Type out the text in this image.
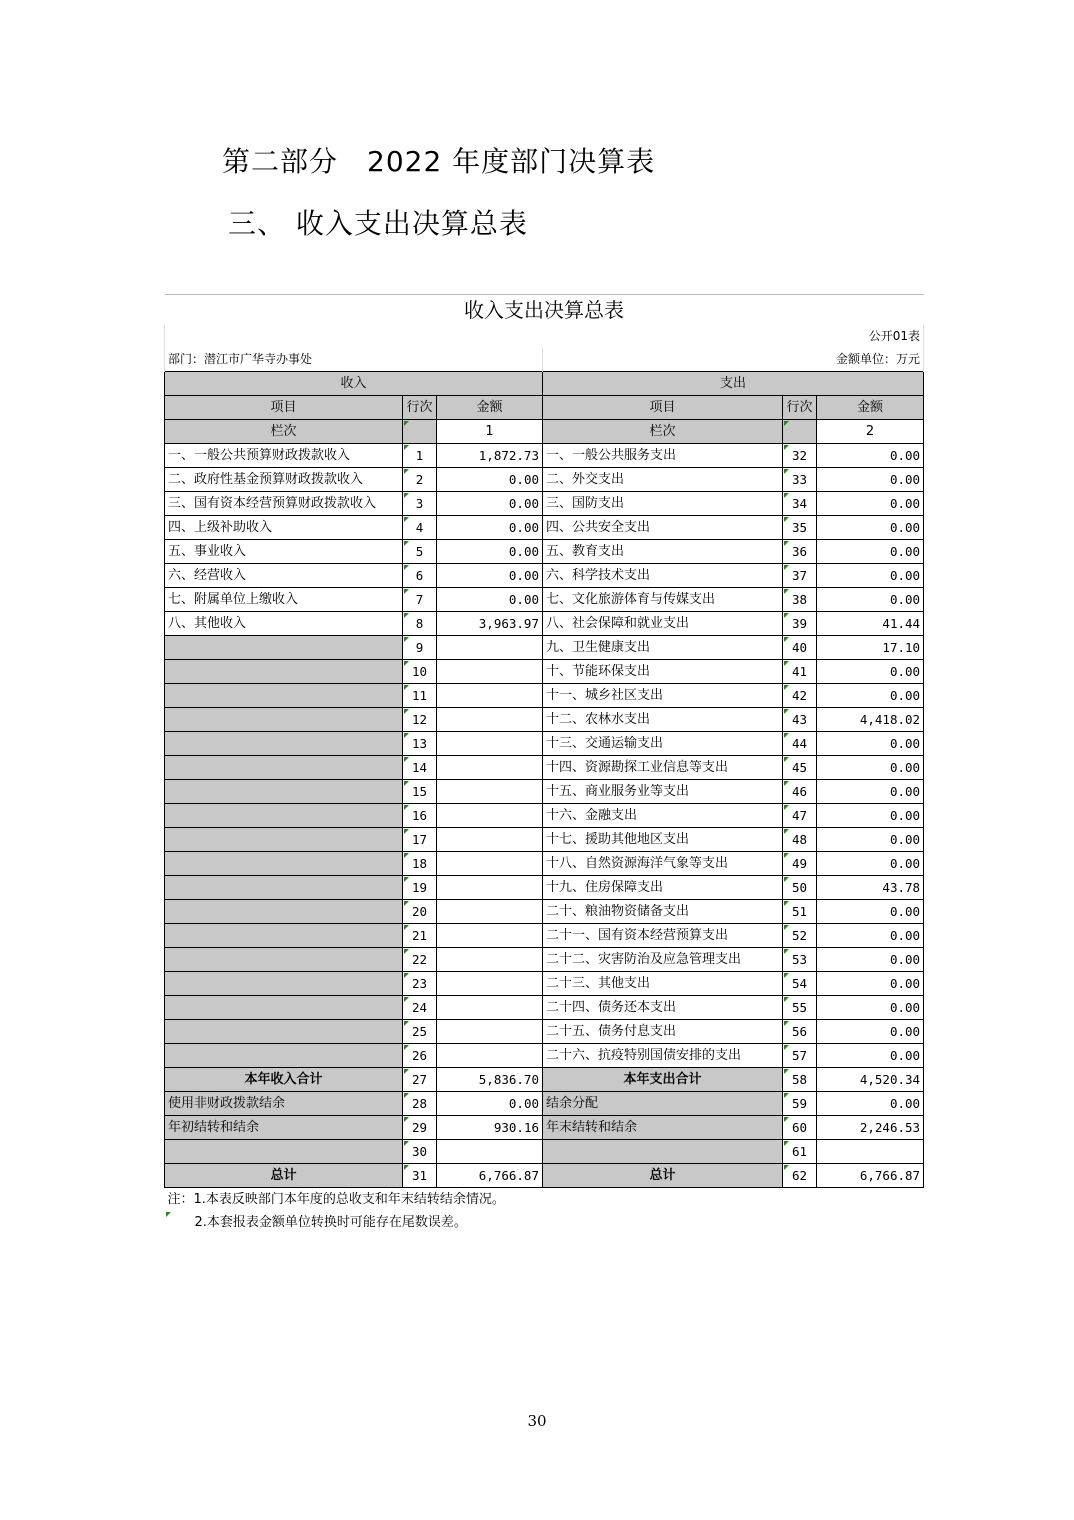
第二部分　2022 年度部门决算表
三、 收入支出决算总表
收入支出决算总表					
公开01表					
部门：潜江市广华寺办事处			金额单位：万元		
收入			支出		
项目	行次	金额	项目	行次	金额
栏次		1	栏次		2
一、一般公共预算财政拨款收入	1	1,872.73	一、一般公共服务支出	32	0.00
二、政府性基金预算财政拨款收入	2	0.00	二、外交支出	33	0.00
三、国有资本经营预算财政拨款收入	3	0.00	三、国防支出	34	0.00
四、上级补助收入	4	0.00	四、公共安全支出	35	0.00
五、事业收入	5	0.00	五、教育支出	36	0.00
六、经营收入	6	0.00	六、科学技术支出	37	0.00
七、附属单位上缴收入	7	0.00	七、文化旅游体育与传媒支出	38	0.00
八、其他收入	8	3,963.97	八、社会保障和就业支出	39	41.44
	9		九、卫生健康支出	40	17.10
	10		十、节能环保支出	41	0.00
	11		十一、城乡社区支出	42	0.00
	12		十二、农林水支出	43	4,418.02
	13		十三、交通运输支出	44	0.00
	14		十四、资源勘探工业信息等支出	45	0.00
	15		十五、商业服务业等支出	46	0.00
	16		十六、金融支出	47	0.00
	17		十七、援助其他地区支出	48	0.00
	18		十八、自然资源海洋气象等支出	49	0.00
	19		十九、住房保障支出	50	43.78
	20		二十、粮油物资储备支出	51	0.00
	21		二十一、国有资本经营预算支出	52	0.00
	22		二十二、灾害防治及应急管理支出	53	0.00
	23		二十三、其他支出	54	0.00
	24		二十四、债务还本支出	55	0.00
	25		二十五、债务付息支出	56	0.00
	26		二十六、抗疫特别国债安排的支出	57	0.00
本年收入合计	27	5,836.70	本年支出合计	58	4,520.34
使用非财政拨款结余	28	0.00	结余分配	59	0.00
年初结转和结余	29	930.16	年末结转和结余	60	2,246.53
	30			61	
总计	31	6,766.87	总计	62	6,766.87
注：1.本表反映部门本年度的总收支和年末结转结余情况。					
2.本套报表金额单位转换时可能存在尾数误差。					
30
